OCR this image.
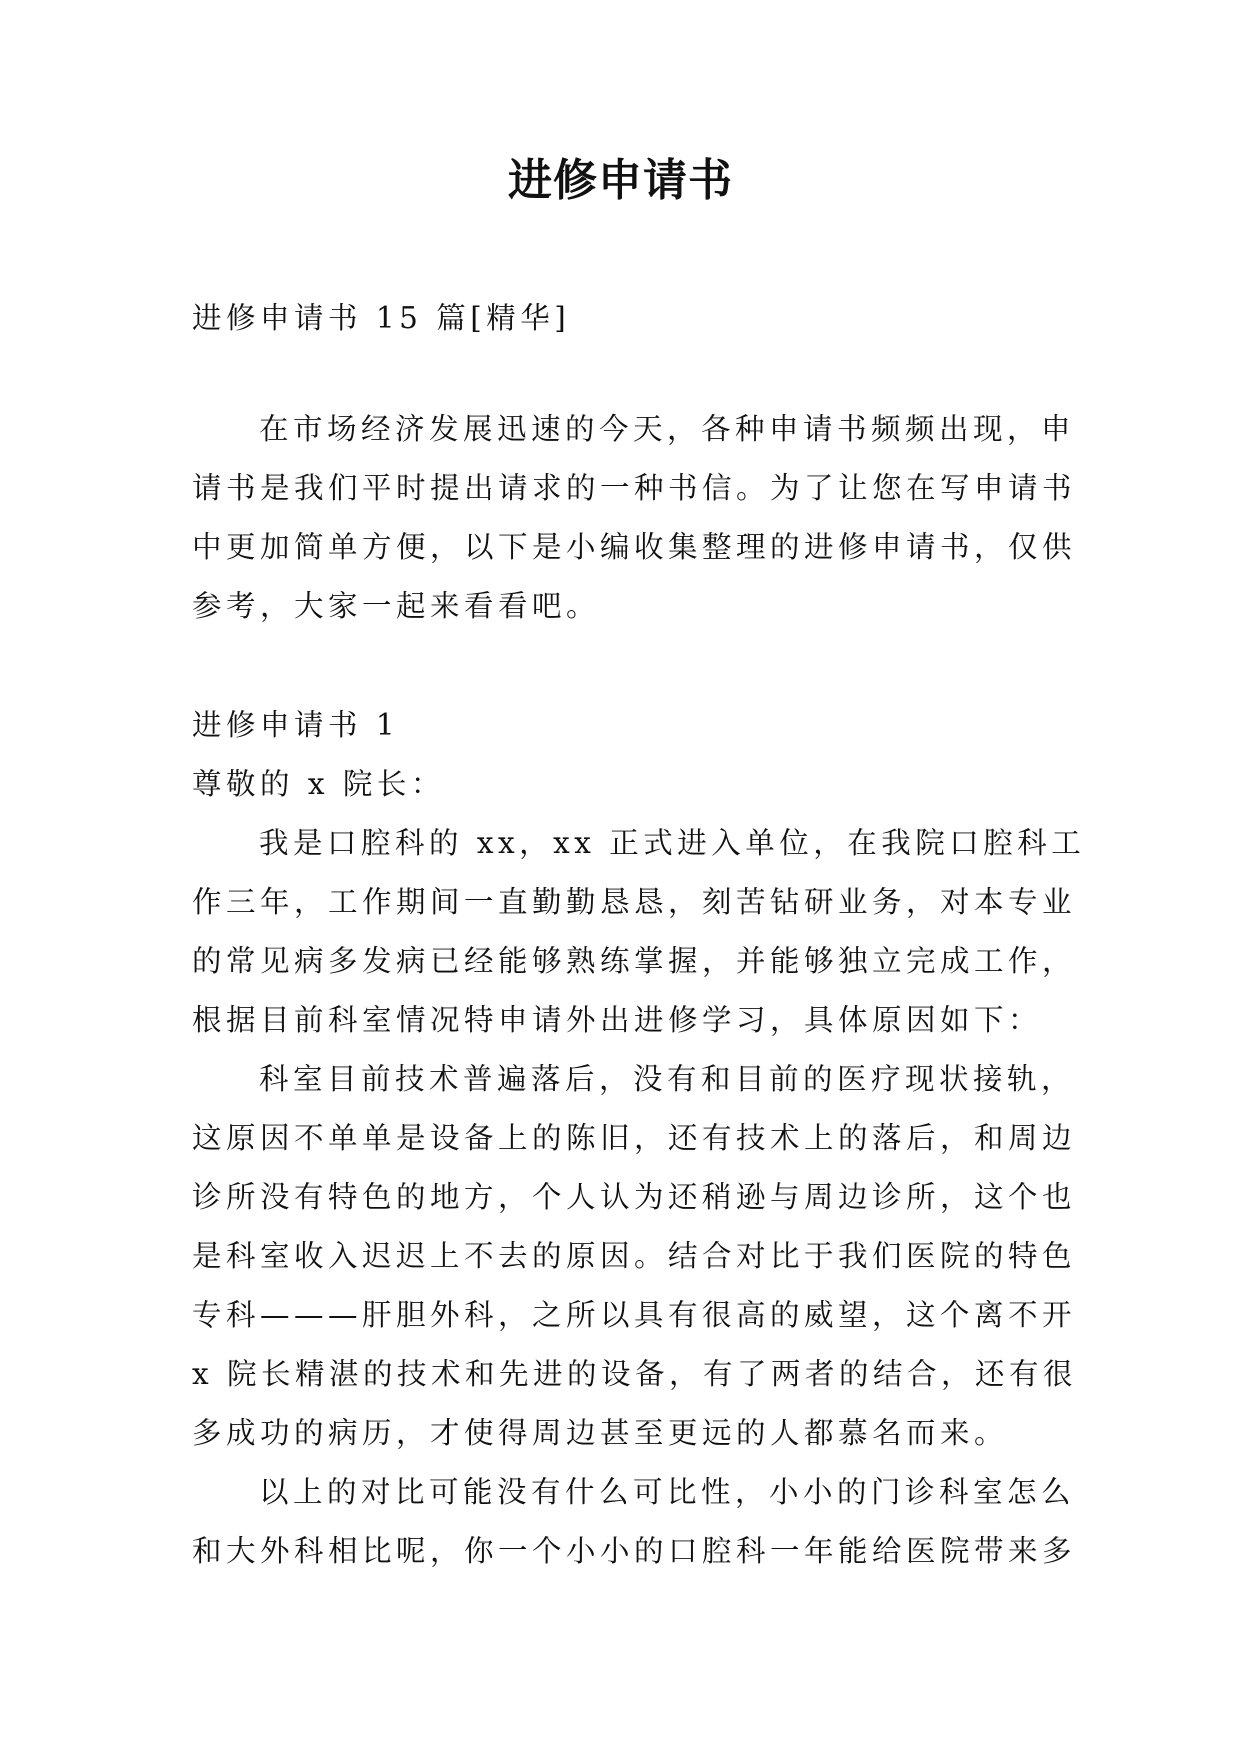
进修申请书
进修申请书 15 篇[精华]
在市场经济发展迅速的今天，各种申请书频频出现，申
请书是我们平时提出请求的一种书信。为了让您在写申请书
中更加简单方便，以下是小编收集整理的进修申请书，仅供
参考，大家一起来看看吧。
进修申请书 1
尊敬的 x 院长：
我是口腔科的 xx，xx 正式进入单位，在我院口腔科工
作三年，工作期间一直勤勤恳恳，刻苦钻研业务，对本专业
的常见病多发病已经能够熟练掌握，并能够独立完成工作，
根据目前科室情况特申请外出进修学习，具体原因如下：
科室目前技术普遍落后，没有和目前的医疗现状接轨，
这原因不单单是设备上的陈旧，还有技术上的落后，和周边
诊所没有特色的地方，个人认为还稍逊与周边诊所，这个也
是科室收入迟迟上不去的原因。结合对比于我们医院的特色
专科———肝胆外科，之所以具有很高的威望，这个离不开
x 院长精湛的技术和先进的设备，有了两者的结合，还有很
多成功的病历，才使得周边甚至更远的人都慕名而来。
以上的对比可能没有什么可比性，小小的门诊科室怎么
和大外科相比呢，你一个小小的口腔科一年能给医院带来多
